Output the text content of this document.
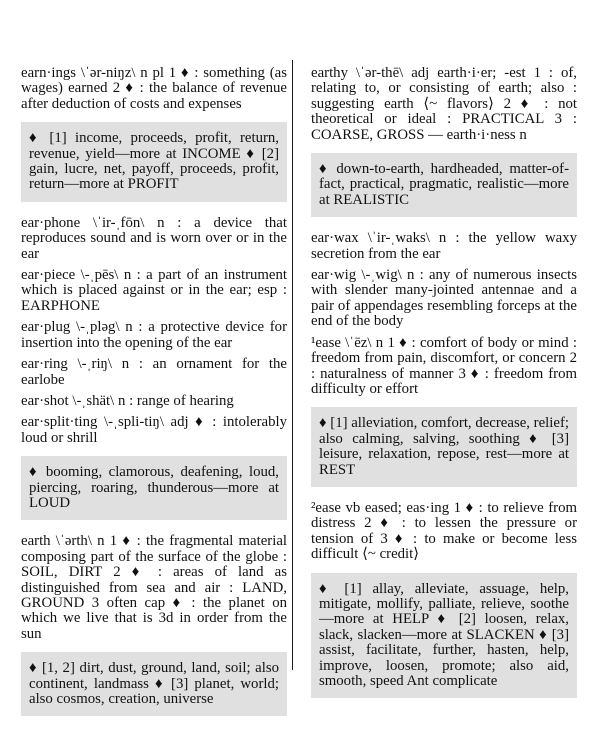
earn·ings \ˈər-niŋz\ n pl 1 ♦ : something (as wages) earned 2 ♦ : the balance of revenue after deduction of costs and expenses

♦ [1] income, proceeds, profit, return, revenue, yield—more at INCOME ♦ [2] gain, lucre, net, payoff, proceeds, profit, return—more at PROFIT

ear·phone \ˈir-ˌfōn\ n : a device that reproduces sound and is worn over or in the ear

ear·piece \-ˌpēs\ n : a part of an instrument which is placed against or in the ear; esp : EARPHONE

ear·plug \-ˌpləg\ n : a protective device for insertion into the opening of the ear

ear·ring \-ˌriŋ\ n : an ornament for the earlobe

ear·shot \-ˌshät\ n : range of hearing

ear·split·ting \-ˌspli-tiŋ\ adj ♦ : intolerably loud or shrill

♦ booming, clamorous, deafening, loud, piercing, roaring, thunderous—more at LOUD

earth \ˈərth\ n 1 ♦ : the fragmental material composing part of the surface of the globe : SOIL, DIRT 2 ♦ : areas of land as distinguished from sea and air : LAND, GROUND 3 often cap ♦ : the planet on which we live that is 3d in order from the sun

♦ [1, 2] dirt, dust, ground, land, soil; also continent, landmass ♦ [3] planet, world; also cosmos, creation, universe

earthy \ˈər-thē\ adj earth·i·er; -est 1 : of, relating to, or consisting of earth; also : suggesting earth ⟨~ flavors⟩ 2 ♦ : not theoretical or ideal : PRACTICAL 3 : COARSE, GROSS — earth·i·ness n

♦ down-to-earth, hardheaded, matter-of-fact, practical, pragmatic, realistic—more at REALISTIC

ear·wax \ˈir-ˌwaks\ n : the yellow waxy secretion from the ear

ear·wig \-ˌwig\ n : any of numerous insects with slender many-jointed antennae and a pair of appendages resembling forceps at the end of the body

¹ease \ˈēz\ n 1 ♦ : comfort of body or mind : freedom from pain, discomfort, or concern 2 : naturalness of manner 3 ♦ : freedom from difficulty or effort

♦ [1] alleviation, comfort, decrease, relief; also calming, salving, soothing ♦ [3] leisure, relaxation, repose, rest—more at REST

²ease vb eased; eas·ing 1 ♦ : to relieve from distress 2 ♦ : to lessen the pressure or tension of 3 ♦ : to make or become less difficult ⟨~ credit⟩

♦ [1] allay, alleviate, assuage, help, mitigate, mollify, palliate, relieve, soothe—more at HELP ♦ [2] loosen, relax, slack, slacken—more at SLACKEN ♦ [3] assist, facilitate, further, hasten, help, improve, loosen, promote; also aid, smooth, speed Ant complicate
